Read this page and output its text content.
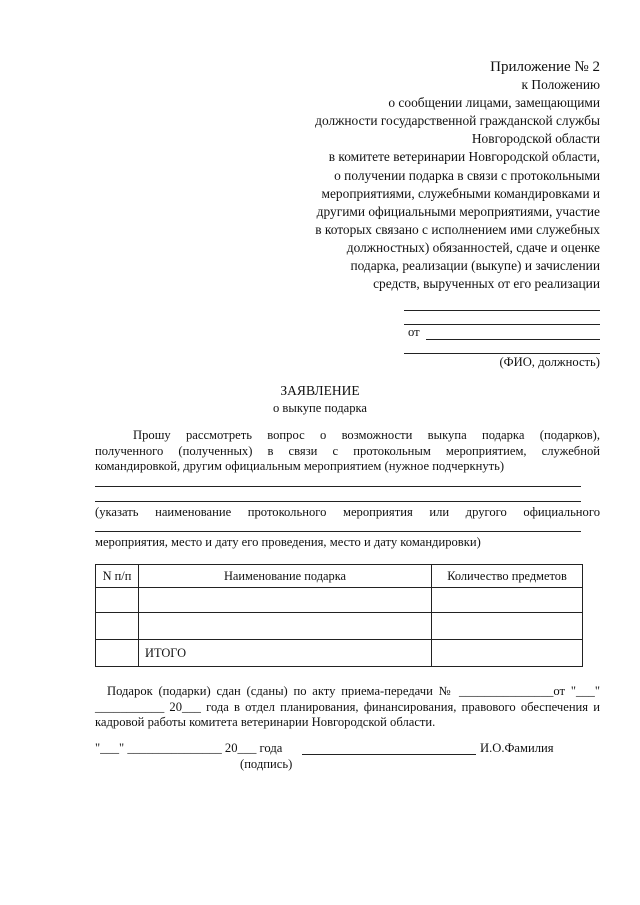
Приложение № 2
к Положению
о сообщении лицами, замещающими
должности государственной гражданской службы
Новгородской области
в комитете ветеринарии Новгородской области,
о получении подарка в связи с протокольными
мероприятиями, служебными командировками и
другими официальными мероприятиями, участие
в которых связано с исполнением ими служебных
должностных) обязанностей, сдаче и оценке
подарка, реализации (выкупе) и зачислении
средств, вырученных от его реализации
от
(ФИО, должность)
ЗАЯВЛЕНИЕ
о выкупе подарка
Прошу рассмотреть вопрос о возможности выкупа подарка (подарков),
полученного (полученных) в связи с протокольным мероприятием, служебной
командировкой, другим официальным мероприятием (нужное подчеркнуть)
(указать наименование протокольного мероприятия или другого официального
мероприятия, место и дату его проведения, место и дату командировки)
N п/п	Наименование подарка	Количество предметов

	ИТОГО	
Подарок (подарки) сдан (сданы) по акту приема-передачи № _______________от "___"
___________ 20___ года в отдел планирования, финансирования, правового обеспечения и
кадровой работы комитета ветеринарии Новгородской области.
"___" _______________ 20___ года	И.О.Фамилия
(подпись)
